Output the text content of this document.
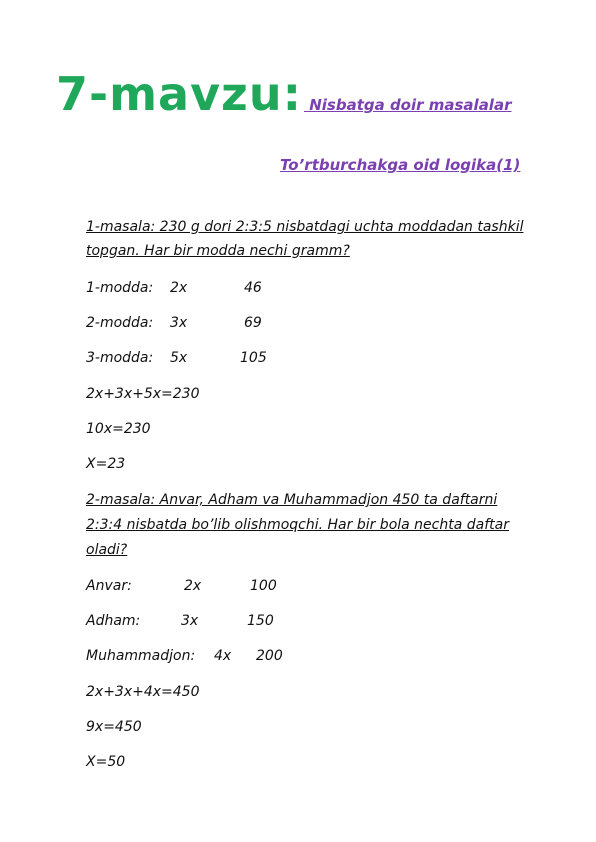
7-mavzu: Nisbatga doir masalalar
To’rtburchakga oid logika(1)
1-masala: 230 g dori 2:3:5 nisbatdagi uchta moddadan tashkil
topgan. Har bir modda nechi gramm?
1-modda: 2x	46
2-modda: 3x	69
3-modda: 5x	105
2x+3x+5x=230
10x=230
X=23
2-masala: Anvar, Adham va Muhammadjon 450 ta daftarni
2:3:4 nisbatda bo’lib olishmoqchi. Har bir bola nechta daftar
oladi?
Anvar:	2x	100
Adham:	3x	150
Muhammadjon: 4x 200
2x+3x+4x=450
9x=450
X=50
